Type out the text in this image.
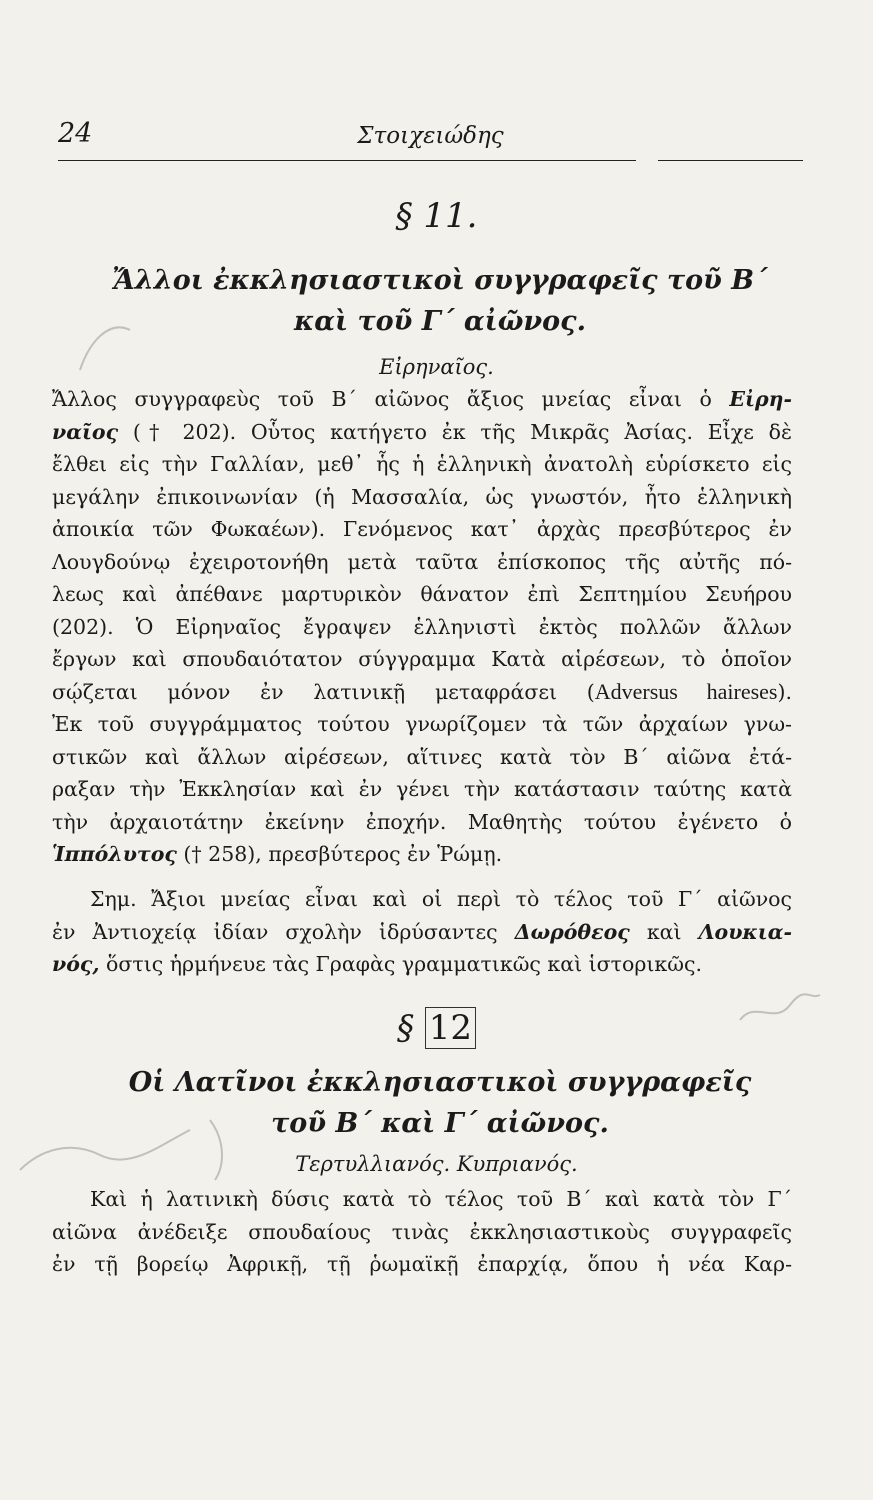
24	Στοιχειώδης
§ 11.
Ἄλλοι ἐκκλησιαστικοὶ συγγραφεῖς τοῦ Β΄
καὶ τοῦ Γ΄ αἰῶνος.
Εἰρηναῖος.
Ἄλλος συγγραφεὺς τοῦ Β΄ αἰῶνος ἄξιος μνείας εἶναι ὁ Εἰρη-
ναῖος († 202). Οὗτος κατήγετο ἐκ τῆς Μικρᾶς Ἀσίας. Εἶχε δὲ
ἔλθει εἰς τὴν Γαλλίαν, μεθ᾿ ἧς ἡ ἑλληνικὴ ἀνατολὴ εὑρίσκετο εἰς
μεγάλην ἐπικοινωνίαν (ἡ Μασσαλία, ὡς γνωστόν, ἦτο ἑλληνικὴ
ἀποικία τῶν Φωκαέων). Γενόμενος κατ᾿ ἀρχὰς πρεσβύτερος ἐν
Λουγδούνῳ ἐχειροτονήθη μετὰ ταῦτα ἐπίσκοπος τῆς αὐτῆς πό-
λεως καὶ ἀπέθανε μαρτυρικὸν θάνατον ἐπὶ Σεπτημίου Σευήρου
(202). Ὁ Εἰρηναῖος ἔγραψεν ἑλληνιστὶ ἐκτὸς πολλῶν ἄλλων
ἔργων καὶ σπουδαιότατον σύγγραμμα Κατὰ αἱρέσεων, τὸ ὁποῖον
σῴζεται μόνον ἐν λατινικῇ μεταφράσει (Adversus haireses).
Ἐκ τοῦ συγγράμματος τούτου γνωρίζομεν τὰ τῶν ἀρχαίων γνω-
στικῶν καὶ ἄλλων αἱρέσεων, αἵτινες κατὰ τὸν Β΄ αἰῶνα ἐτά-
ραξαν τὴν Ἐκκλησίαν καὶ ἐν γένει τὴν κατάστασιν ταύτης κατὰ
τὴν ἀρχαιοτάτην ἐκείνην ἐποχήν. Μαθητὴς τούτου ἐγένετο ὁ
Ἱππόλυτος († 258), πρεσβύτερος ἐν Ῥώμῃ.
Σημ. Ἄξιοι μνείας εἶναι καὶ οἱ περὶ τὸ τέλος τοῦ Γ΄ αἰῶνος
ἐν Ἀντιοχείᾳ ἰδίαν σχολὴν ἱδρύσαντες Δωρόθεος καὶ Λουκια-
νός, ὅστις ἡρμήνευε τὰς Γραφὰς γραμματικῶς καὶ ἱστορικῶς.
§ 12
Οἱ Λατῖνοι ἐκκλησιαστικοὶ συγγραφεῖς
τοῦ Β΄ καὶ Γ΄ αἰῶνος.
Τερτυλλιανός. Κυπριανός.
Καὶ ἡ λατινικὴ δύσις κατὰ τὸ τέλος τοῦ Β΄ καὶ κατὰ τὸν Γ΄
αἰῶνα ἀνέδειξε σπουδαίους τινὰς ἐκκλησιαστικοὺς συγγραφεῖς
ἐν τῇ βορείῳ Ἀφρικῇ, τῇ ῥωμαϊκῇ ἐπαρχίᾳ, ὅπου ἡ νέα Καρ-
